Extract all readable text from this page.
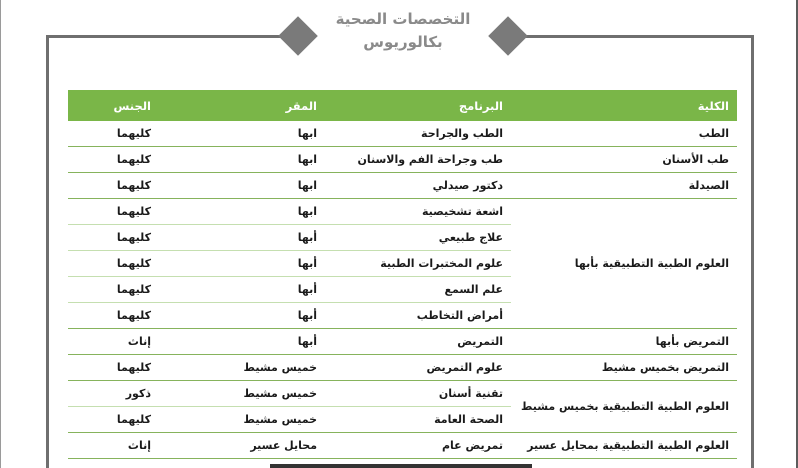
التخصصات الصحية
بكالوريوس
الكلية	البرنامج	المقر	الجنس
الطب	الطب والجراحة	ابها	كليهما
طب الأسنان	طب وجراحة الفم والاسنان	ابها	كليهما
الصيدلة	دكتور صيدلي	ابها	كليهما
العلوم الطبية التطبيقية بأبها	اشعة تشخيصية	ابها	كليهما
	علاج طبيعي	أبها	كليهما
	علوم المختبرات الطبية	أبها	كليهما
	علم السمع	أبها	كليهما
	أمراض التخاطب	أبها	كليهما
التمريض بأبها	التمريض	أبها	إناث
التمريض بخميس مشيط	علوم التمريض	خميس مشيط	كليهما
العلوم الطبية التطبيقية بخميس مشيط	تقنية أسنان	خميس مشيط	ذكور
	الصحة العامة	خميس مشيط	كليهما
العلوم الطبية التطبيقية بمحايل عسير	تمريض عام	محايل عسير	إناث
